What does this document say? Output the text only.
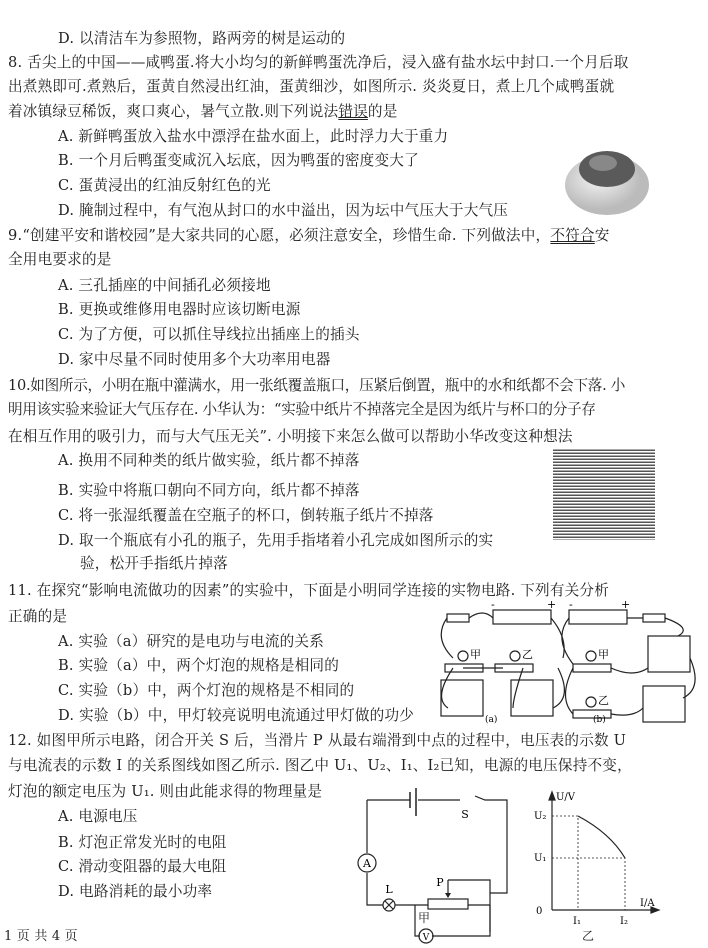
D. 以清洁车为参照物，路两旁的树是运动的
8. 舌尖上的中国——咸鸭蛋.将大小均匀的新鲜鸭蛋洗净后，浸入盛有盐水坛中封口.一个月后取
出煮熟即可.煮熟后，蛋黄自然浸出红油，蛋黄细沙，如图所示. 炎炎夏日，煮上几个咸鸭蛋就
着冰镇绿豆稀饭，爽口爽心，暑气立散.则下列说法错误的是
A. 新鲜鸭蛋放入盐水中漂浮在盐水面上，此时浮力大于重力
B. 一个月后鸭蛋变咸沉入坛底，因为鸭蛋的密度变大了
C. 蛋黄浸出的红油反射红色的光
D. 腌制过程中，有气泡从封口的水中溢出，因为坛中气压大于大气压
9.“创建平安和谐校园”是大家共同的心愿，必须注意安全，珍惜生命. 下列做法中，不符合安
全用电要求的是
A. 三孔插座的中间插孔必须接地
B. 更换或维修用电器时应该切断电源
C. 为了方便，可以抓住导线拉出插座上的插头
D. 家中尽量不同时使用多个大功率用电器
10.如图所示，小明在瓶中灌满水，用一张纸覆盖瓶口，压紧后倒置，瓶中的水和纸都不会下落. 小
明用该实验来验证大气压存在. 小华认为：“实验中纸片不掉落完全是因为纸片与杯口的分子存
在相互作用的吸引力，而与大气压无关”. 小明接下来怎么做可以帮助小华改变这种想法
A. 换用不同种类的纸片做实验，纸片都不掉落
B. 实验中将瓶口朝向不同方向，纸片都不掉落
C. 将一张湿纸覆盖在空瓶子的杯口，倒转瓶子纸片不掉落
D. 取一个瓶底有小孔的瓶子，先用手指堵着小孔完成如图所示的实
验，松开手指纸片掉落
11. 在探究“影响电流做功的因素”的实验中，下面是小明同学连接的实物电路. 下列有关分析
正确的是
A. 实验（a）研究的是电功与电流的关系
B. 实验（a）中，两个灯泡的规格是相同的
C. 实验（b）中，两个灯泡的规格是不相同的
D. 实验（b）中，甲灯较亮说明电流通过甲灯做的功少
-	+ -	+
甲	乙	甲
乙
(a)	(b)
12. 如图甲所示电路，闭合开关 S 后，当滑片 P 从最右端滑到中点的过程中，电压表的示数 U
与电流表的示数 I 的关系图线如图乙所示. 图乙中 U₁、U₂、I₁、I₂已知，电源的电压保持不变，
灯泡的额定电压为 U₁. 则由此能求得的物理量是
A. 电源电压
B. 灯泡正常发光时的电阻
C. 滑动变阻器的最大电阻
D. 电路消耗的最小功率
A
S
L
P
V
甲
U/V
I/A
0
U₂
U₁
I₁	I₂
乙
1 页 共 4 页
